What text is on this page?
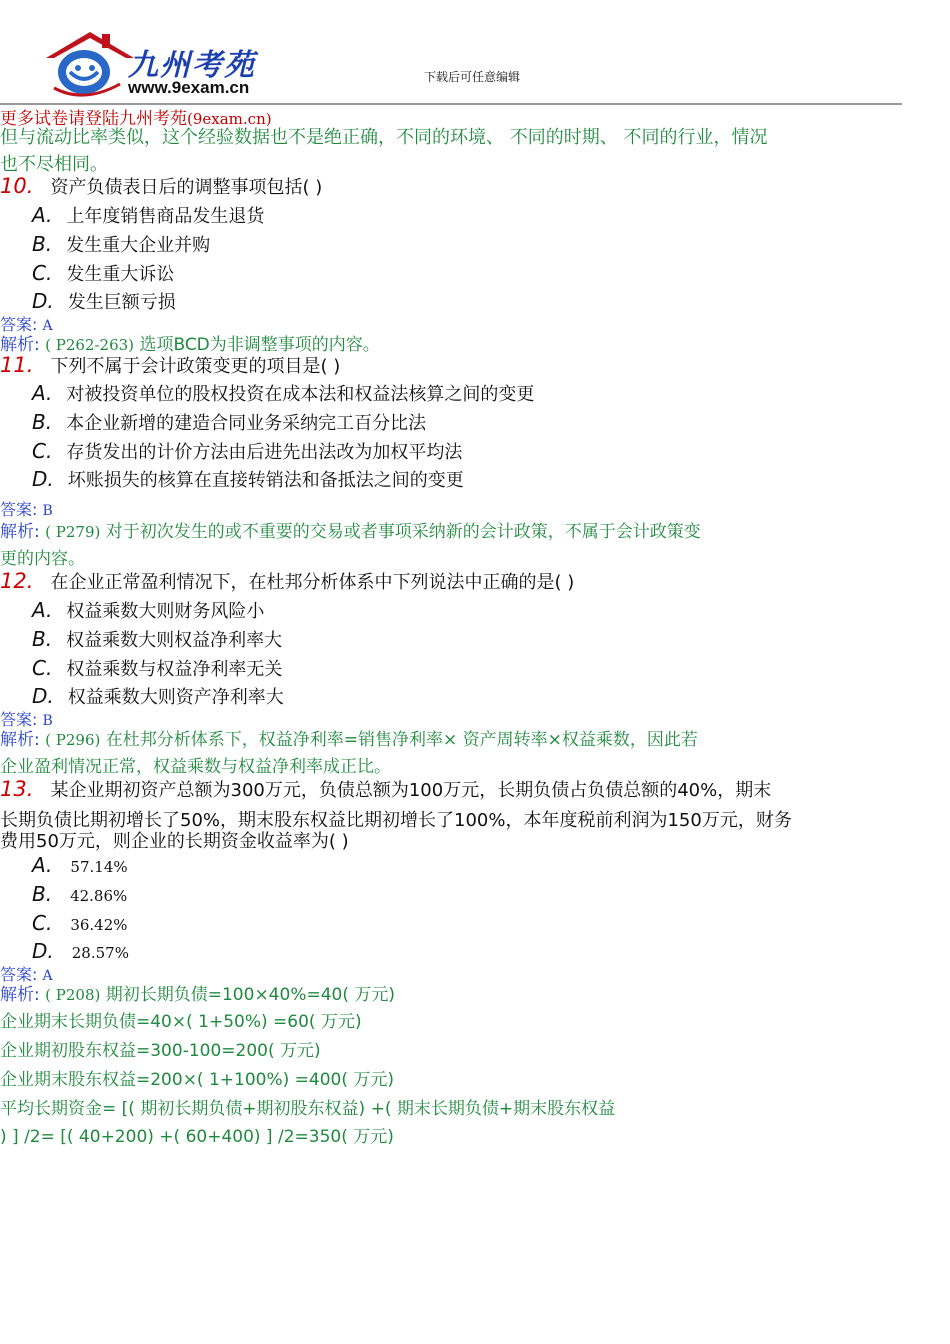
九州考苑
www.9exam.cn
下载后可任意编辑
更多试卷请登陆九州考苑(9exam.cn)
但与流动比率类似，这个经验数据也不是绝正确，不同的环境、 不同的时期、 不同的行业，情况
也不尽相同。
10. 资产负债表日后的调整事项包括( )
A. 上年度销售商品发生退货
B. 发生重大企业并购
C. 发生重大诉讼
D. 发生巨额亏损
答案: A
解析: ( P262-263) 选项BCD为非调整事项的内容。
11. 下列不属于会计政策变更的项目是( )
A. 对被投资单位的股权投资在成本法和权益法核算之间的变更
B. 本企业新增的建造合同业务采纳完工百分比法
C. 存货发出的计价方法由后进先出法改为加权平均法
D. 坏账损失的核算在直接转销法和备抵法之间的变更
答案: B
解析: ( P279) 对于初次发生的或不重要的交易或者事项采纳新的会计政策，不属于会计政策变
更的内容。
12. 在企业正常盈利情况下，在杜邦分析体系中下列说法中正确的是( )
A. 权益乘数大则财务风险小
B. 权益乘数大则权益净利率大
C. 权益乘数与权益净利率无关
D. 权益乘数大则资产净利率大
答案: B
解析: ( P296) 在杜邦分析体系下，权益净利率=销售净利率× 资产周转率×权益乘数，因此若
企业盈利情况正常，权益乘数与权益净利率成正比。
13. 某企业期初资产总额为300万元，负债总额为100万元，长期负债占负债总额的40%，期末
长期负债比期初增长了50%，期末股东权益比期初增长了100%，本年度税前利润为150万元，财务
费用50万元，则企业的长期资金收益率为( )
A. 57.14%
B. 42.86%
C. 36.42%
D. 28.57%
答案: A
解析: ( P208) 期初长期负债=100×40%=40( 万元)
企业期末长期负债=40×( 1+50%) =60( 万元)
企业期初股东权益=300-100=200( 万元)
企业期末股东权益=200×( 1+100%) =400( 万元)
平均长期资金= [( 期初长期负债+期初股东权益) +( 期末长期负债+期末股东权益
) ] /2= [( 40+200) +( 60+400) ] /2=350( 万元)
